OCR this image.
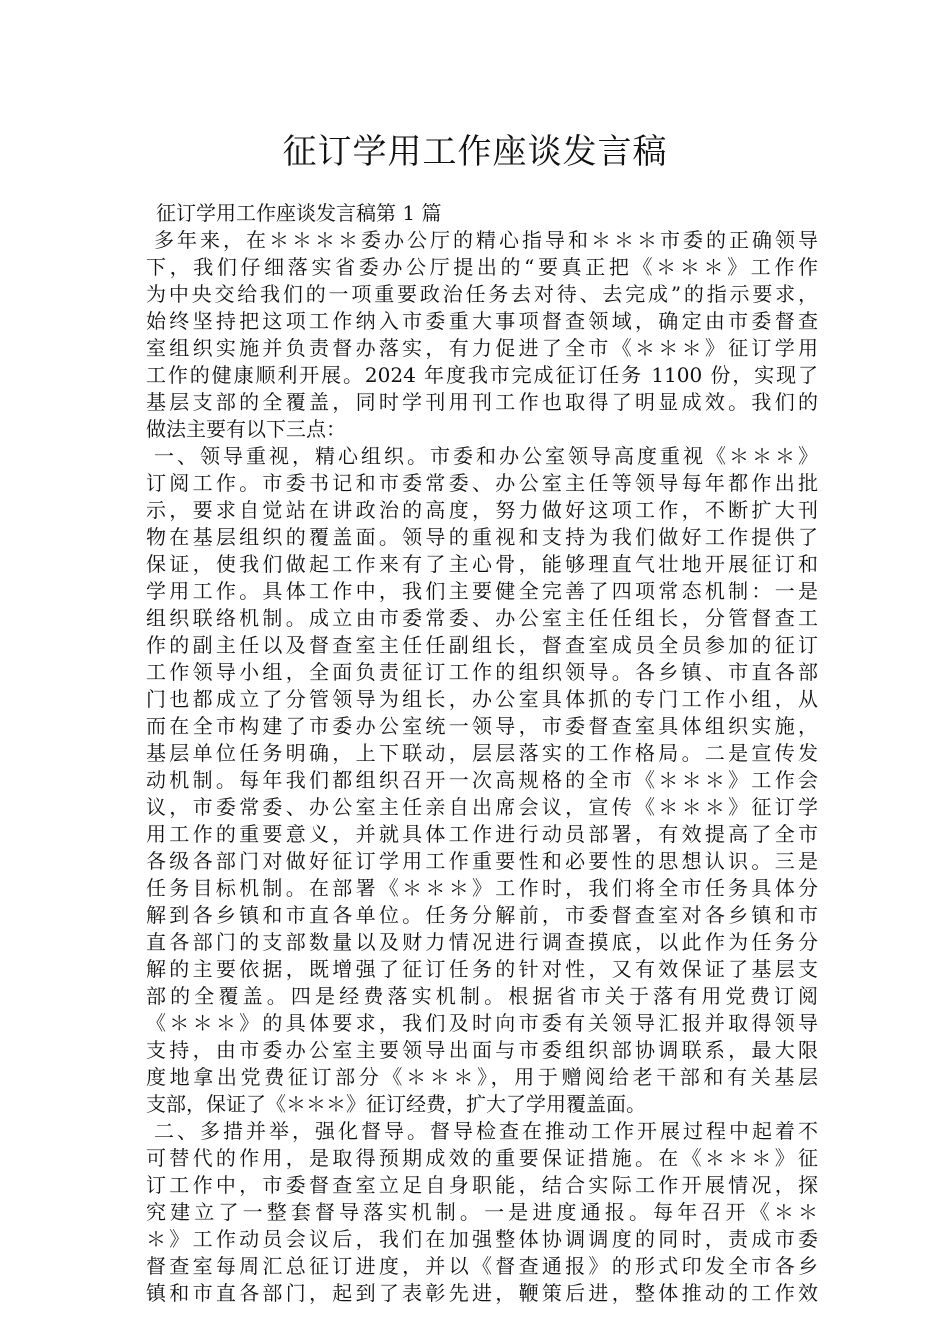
征订学用工作座谈发言稿
征订学用工作座谈发言稿第 1 篇
多年来，在＊＊＊＊委办公厅的精心指导和＊＊＊市委的正确领导
下，我们仔细落实省委办公厅提出的“要真正把《＊＊＊》工作作
为中央交给我们的一项重要政治任务去对待、去完成”的指示要求，
始终坚持把这项工作纳入市委重大事项督查领域，确定由市委督查
室组织实施并负责督办落实，有力促进了全市《＊＊＊》征订学用
工作的健康顺利开展。2024 年度我市完成征订任务 1100 份，实现了
基层支部的全覆盖，同时学刊用刊工作也取得了明显成效。我们的
做法主要有以下三点：
一、领导重视，精心组织。市委和办公室领导高度重视《＊＊＊》
订阅工作。市委书记和市委常委、办公室主任等领导每年都作出批
示，要求自觉站在讲政治的高度，努力做好这项工作，不断扩大刊
物在基层组织的覆盖面。领导的重视和支持为我们做好工作提供了
保证，使我们做起工作来有了主心骨，能够理直气壮地开展征订和
学用工作。具体工作中，我们主要健全完善了四项常态机制：一是
组织联络机制。成立由市委常委、办公室主任任组长，分管督查工
作的副主任以及督查室主任任副组长，督查室成员全员参加的征订
工作领导小组，全面负责征订工作的组织领导。各乡镇、市直各部
门也都成立了分管领导为组长，办公室具体抓的专门工作小组，从
而在全市构建了市委办公室统一领导，市委督查室具体组织实施，
基层单位任务明确，上下联动，层层落实的工作格局。二是宣传发
动机制。每年我们都组织召开一次高规格的全市《＊＊＊》工作会
议，市委常委、办公室主任亲自出席会议，宣传《＊＊＊》征订学
用工作的重要意义，并就具体工作进行动员部署，有效提高了全市
各级各部门对做好征订学用工作重要性和必要性的思想认识。三是
任务目标机制。在部署《＊＊＊》工作时，我们将全市任务具体分
解到各乡镇和市直各单位。任务分解前，市委督查室对各乡镇和市
直各部门的支部数量以及财力情况进行调查摸底，以此作为任务分
解的主要依据，既增强了征订任务的针对性，又有效保证了基层支
部的全覆盖。四是经费落实机制。根据省市关于落有用党费订阅
《＊＊＊》的具体要求，我们及时向市委有关领导汇报并取得领导
支持，由市委办公室主要领导出面与市委组织部协调联系，最大限
度地拿出党费征订部分《＊＊＊》，用于赠阅给老干部和有关基层
支部，保证了《＊＊＊》征订经费，扩大了学用覆盖面。
二、多措并举，强化督导。督导检查在推动工作开展过程中起着不
可替代的作用，是取得预期成效的重要保证措施。在《＊＊＊》征
订工作中，市委督查室立足自身职能，结合实际工作开展情况，探
究建立了一整套督导落实机制。一是进度通报。每年召开《＊＊
＊》工作动员会议后，我们在加强整体协调调度的同时，责成市委
督查室每周汇总征订进度，并以《督查通报》的形式印发全市各乡
镇和市直各部门，起到了表彰先进，鞭策后进，整体推动的工作效
